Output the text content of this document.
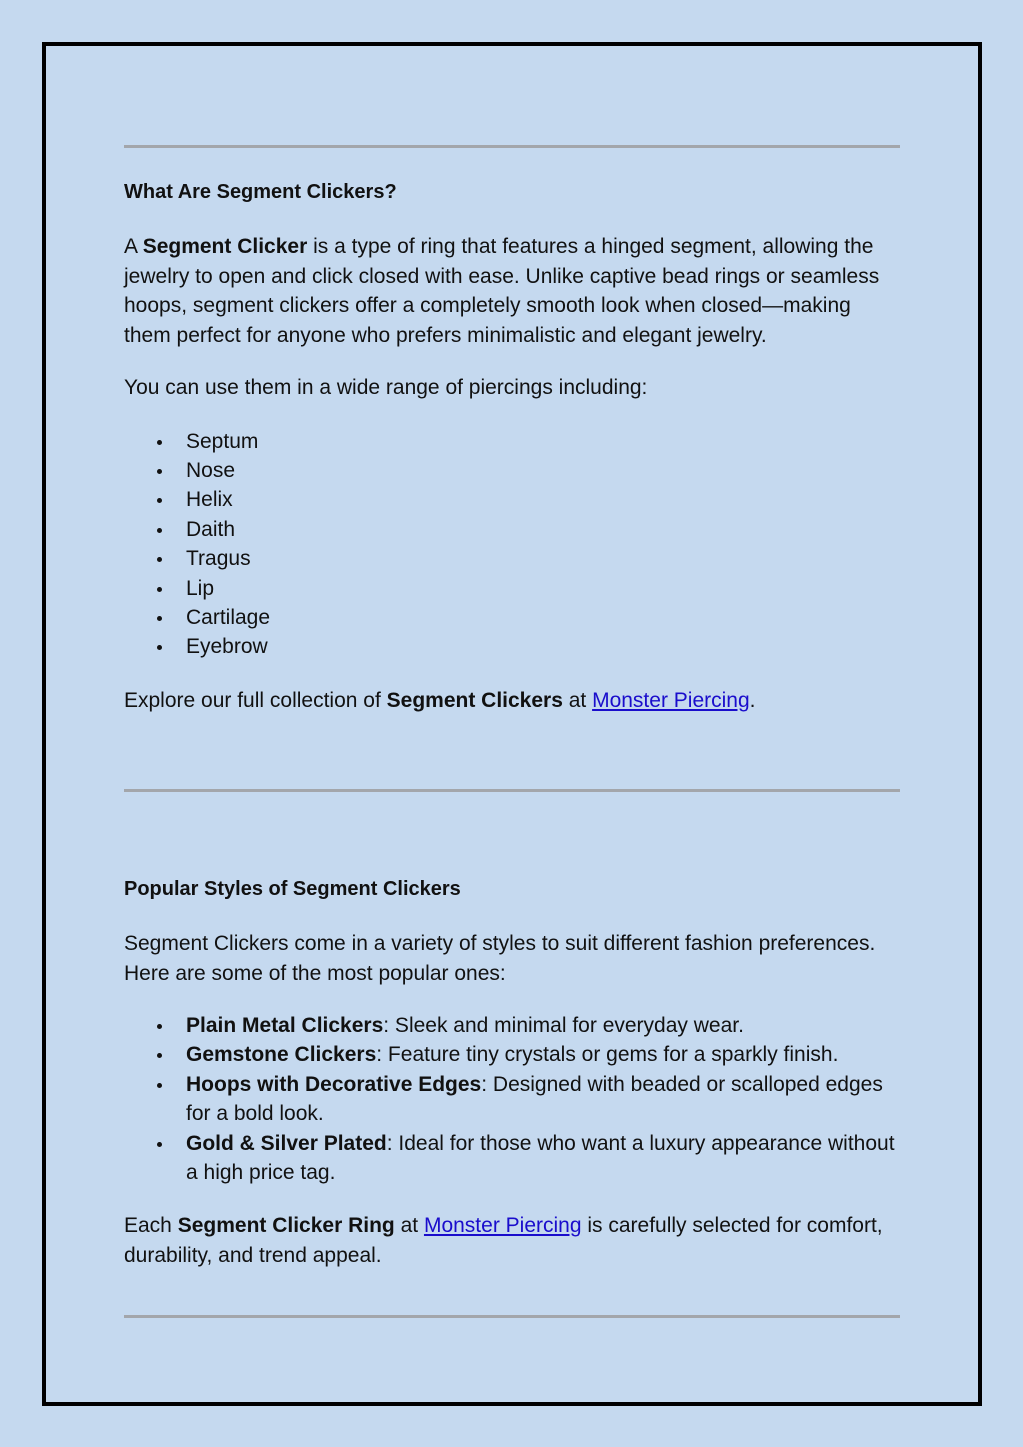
What Are Segment Clickers?

A Segment Clicker is a type of ring that features a hinged segment, allowing the jewelry to open and click closed with ease. Unlike captive bead rings or seamless hoops, segment clickers offer a completely smooth look when closed—making them perfect for anyone who prefers minimalistic and elegant jewelry.

You can use them in a wide range of piercings including:

Septum
Nose
Helix
Daith
Tragus
Lip
Cartilage
Eyebrow

Explore our full collection of Segment Clickers at Monster Piercing.

Popular Styles of Segment Clickers

Segment Clickers come in a variety of styles to suit different fashion preferences. Here are some of the most popular ones:

Plain Metal Clickers: Sleek and minimal for everyday wear.
Gemstone Clickers: Feature tiny crystals or gems for a sparkly finish.
Hoops with Decorative Edges: Designed with beaded or scalloped edges for a bold look.
Gold & Silver Plated: Ideal for those who want a luxury appearance without a high price tag.

Each Segment Clicker Ring at Monster Piercing is carefully selected for comfort, durability, and trend appeal.
